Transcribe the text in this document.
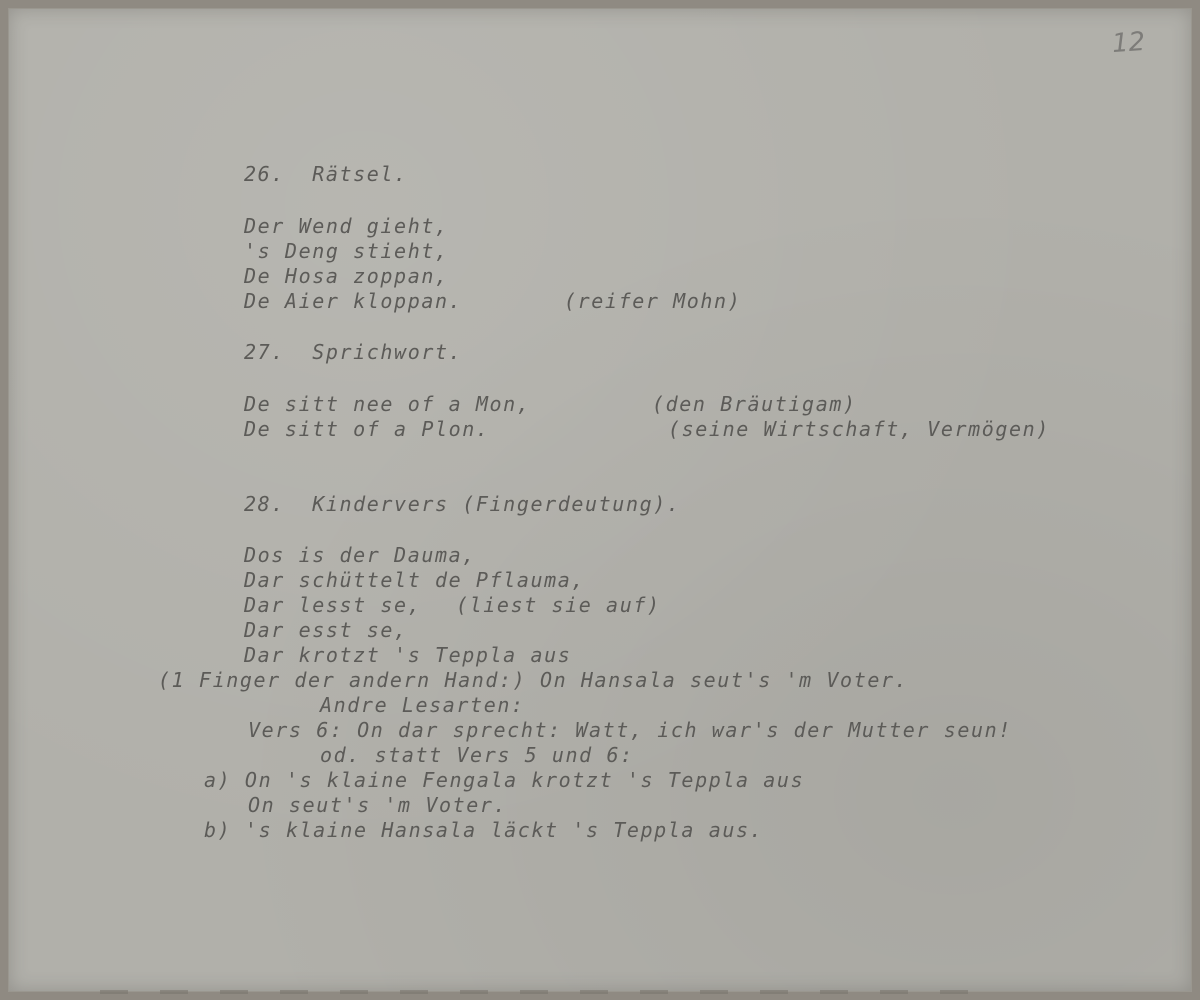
12
26.  Rätsel.
Der Wend gieht,
's Deng stieht,
De Hosa zoppan,
De Aier kloppan.	(reifer Mohn)
27.  Sprichwort.
De sitt nee of a Mon,	(den Bräutigam)
De sitt of a Plon.	(seine Wirtschaft, Vermögen)
28.  Kindervers (Fingerdeutung).
Dos is der Dauma,
Dar schüttelt de Pflauma,
Dar lesst se, (liest sie auf)
Dar esst se,
Dar krotzt 's Teppla aus
(1 Finger der andern Hand:) On Hansala seut's 'm Voter.
Andre Lesarten:
Vers 6: On dar sprecht: Watt, ich war's der Mutter seun!
od. statt Vers 5 und 6:
a) On 's klaine Fengala krotzt 's Teppla aus
On seut's 'm Voter.
b) 's klaine Hansala läckt 's Teppla aus.
